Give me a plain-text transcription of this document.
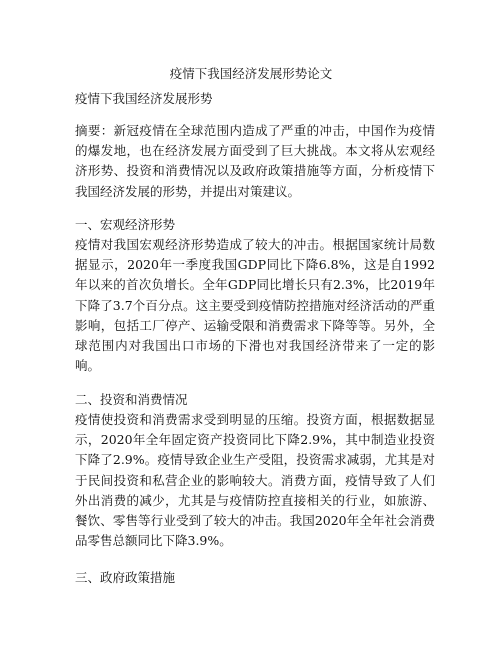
疫情下我国经济发展形势论文
疫情下我国经济发展形势

摘要：新冠疫情在全球范围内造成了严重的冲击，中国作为疫情的爆发地，也在经济发展方面受到了巨大挑战。本文将从宏观经济形势、投资和消费情况以及政府政策措施等方面，分析疫情下我国经济发展的形势，并提出对策建议。

一、宏观经济形势

疫情对我国宏观经济形势造成了较大的冲击。根据国家统计局数据显示，2020年一季度我国GDP同比下降6.8%，这是自1992年以来的首次负增长。全年GDP同比增长只有2.3%，比2019年下降了3.7个百分点。这主要受到疫情防控措施对经济活动的严重影响，包括工厂停产、运输受限和消费需求下降等等。另外，全球范围内对我国出口市场的下滑也对我国经济带来了一定的影响。

二、投资和消费情况

疫情使投资和消费需求受到明显的压缩。投资方面，根据数据显示，2020年全年固定资产投资同比下降2.9%，其中制造业投资下降了2.9%。疫情导致企业生产受阻，投资需求减弱，尤其是对于民间投资和私营企业的影响较大。消费方面，疫情导致了人们外出消费的减少，尤其是与疫情防控直接相关的行业，如旅游、餐饮、零售等行业受到了较大的冲击。我国2020年全年社会消费品零售总额同比下降3.9%。

三、政府政策措施
